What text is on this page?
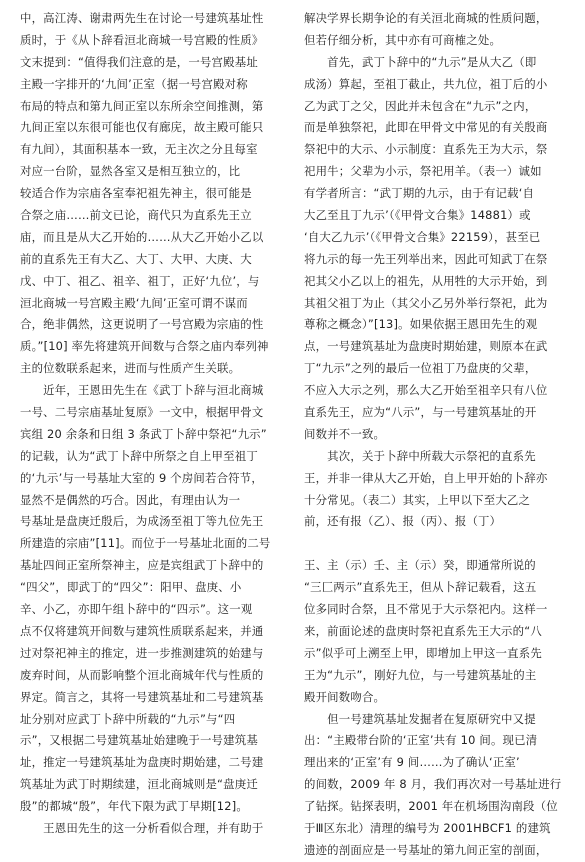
中，高江涛、谢肃两先生在讨论一号建筑基址性
质时，于《从卜辞看洹北商城一号宫殿的性质》
文末提到：“值得我们注意的是，一号宫殿基址
主殿一字排开的‘九间’正室（据一号宫殿对称
布局的特点和第九间正室以东所余空间推测，第
九间正室以东很可能也仅有廊庑，故主殿可能只
有九间），其面积基本一致，无主次之分且每室
对应一台阶，显然各室又是相互独立的，比
较适合作为宗庙各室奉祀祖先神主，很可能是
合祭之庙……前文已论，商代只为直系先王立
庙，而且是从大乙开始的……从大乙开始小乙以
前的直系先王有大乙、大丁、大甲、大庚、大
戊、中丁、祖乙、祖辛、祖丁，正好‘九位’，与
洹北商城一号宫殿主殿‘九间’正室可谓不谋而
合，绝非偶然，这更说明了一号宫殿为宗庙的性
质。”[10] 率先将建筑开间数与合祭之庙内奉列神
主的位数联系起来，进而与性质产生关联。
　　近年，王恩田先生在《武丁卜辞与洹北商城
一号、二号宗庙基址复原》一文中，根据甲骨文
宾组 20 余条和日组 3 条武丁卜辞中祭祀“九示”
的记载，认为“武丁卜辞中所祭之自上甲至祖丁
的‘九示’与一号基址大室的 9 个房间若合符节，
显然不是偶然的巧合。因此，有理由认为一
号基址是盘庚迁殷后，为成汤至祖丁等九位先王
所建造的宗庙”[11]。而位于一号基址北面的二号
基址四间正室所祭神主，应是宾组武丁卜辞中的
“四父”，即武丁的“四父”：阳甲、盘庚、小
辛、小乙，亦即午组卜辞中的“四示”。这一观
点不仅将建筑开间数与建筑性质联系起来，并通
过对祭祀神主的推定，进一步推测建筑的始建与
废弃时间，从而影响整个洹北商城年代与性质的
界定。简言之，其将一号建筑基址和二号建筑基
址分别对应武丁卜辞中所载的“九示”与“四
示”，又根据二号建筑基址始建晚于一号建筑基
址，推定一号建筑基址为盘庚时期始建，二号建
筑基址为武丁时期续建，洹北商城则是“盘庚迁
殷”的都城“殷”，年代下限为武丁早期[12]。
　　王恩田先生的这一分析看似合理，并有助于
解决学界长期争论的有关洹北商城的性质问题，
但若仔细分析，其中亦有可商榷之处。
　　首先，武丁卜辞中的“九示”是从大乙（即
成汤）算起，至祖丁截止，共九位，祖丁后的小
乙为武丁之父，因此并未包含在“九示”之内，
而是单独祭祀，此即在甲骨文中常见的有关殷商
祭祀中的大示、小示制度：直系先王为大示，祭
祀用牛；父辈为小示，祭祀用羊。（表一）诚如
有学者所言：“武丁期的九示，由于有记载‘自
大乙至且丁九示’（《甲骨文合集》14881）或
‘自大乙九示’（《甲骨文合集》22159），甚至已
将九示的每一先王列举出来，因此可知武丁在祭
祀其父小乙以上的祖先，从用牲的大示开始，到
其祖父祖丁为止（其父小乙另外举行祭祀，此为
尊称之概念）”[13]。如果依据王恩田先生的观
点，一号建筑基址为盘庚时期始建，则原本在武
丁“九示”之列的最后一位祖丁乃盘庚的父辈，
不应入大示之列，那么大乙开始至祖辛只有八位
直系先王，应为“八示”，与一号建筑基址的开
间数并不一致。
　　其次，关于卜辞中所载大示祭祀的直系先
王，并非一律从大乙开始，自上甲开始的卜辞亦
十分常见。（表二）其实，上甲以下至大乙之
前，还有报（乙）、报（丙）、报（丁）

王、主（示）壬、主（示）癸，即通常所说的
“三匚两示”直系先王，但从卜辞记载看，这五
位多同时合祭，且不常见于大示祭祀内。这样一
来，前面论述的盘庚时祭祀直系先王大示的“八
示”似乎可上溯至上甲，即增加上甲这一直系先
王为“九示”，刚好九位，与一号建筑基址的主
殿开间数吻合。
　　但一号建筑基址发掘者在复原研究中又提
出：“主殿带台阶的‘正室’共有 10 间。现已清
理出来的‘正室’有 9 间……为了确认‘正室’
的间数，2009 年 8 月，我们再次对一号基址进行
了钻探。钻探表明，2001 年在机场围沟南段（位
于Ⅲ区东北）清理的编号为 2001HBCF1 的建筑
遗迹的剖面应是一号基址的第九间正室的剖面，
